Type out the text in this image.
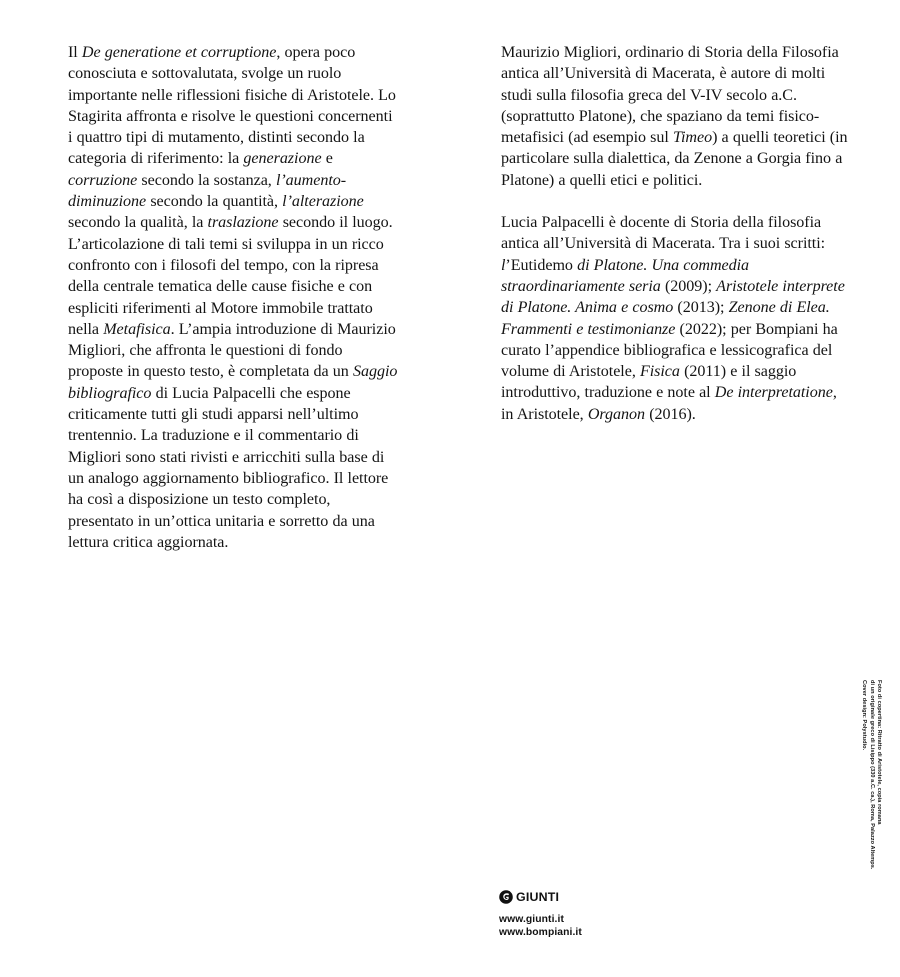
Il De generatione et corruptione, opera poco conosciuta e sottovalutata, svolge un ruolo importante nelle riflessioni fisiche di Aristotele. Lo Stagirita affronta e risolve le questioni concernenti i quattro tipi di mutamento, distinti secondo la categoria di riferimento: la generazione e corruzione secondo la sostanza, l’aumento-diminuzione secondo la quantità, l’alterazione secondo la qualità, la traslazione secondo il luogo. L’articolazione di tali temi si sviluppa in un ricco confronto con i filosofi del tempo, con la ripresa della centrale tematica delle cause fisiche e con espliciti riferimenti al Motore immobile trattato nella Metafisica. L’ampia introduzione di Maurizio Migliori, che affronta le questioni di fondo proposte in questo testo, è completata da un Saggio bibliografico di Lucia Palpacelli che espone criticamente tutti gli studi apparsi nell’ultimo trentennio. La traduzione e il commentario di Migliori sono stati rivisti e arricchiti sulla base di un analogo aggiornamento bibliografico. Il lettore ha così a disposizione un testo completo, presentato in un’ottica unitaria e sorretto da una lettura critica aggiornata.

Maurizio Migliori, ordinario di Storia della Filosofia antica all’Università di Macerata, è autore di molti studi sulla filosofia greca del V-IV secolo a.C. (soprattutto Platone), che spaziano da temi fisico-metafisici (ad esempio sul Timeo) a quelli teoretici (in particolare sulla dialettica, da Zenone a Gorgia fino a Platone) a quelli etici e politici.

Lucia Palpacelli è docente di Storia della filosofia antica all’Università di Macerata. Tra i suoi scritti: l’Eutidemo di Platone. Una commedia straordinariamente seria (2009); Aristotele interprete di Platone. Anima e cosmo (2013); Zenone di Elea. Frammenti e testimonianze (2022); per Bompiani ha curato l’appendice bibliografica e lessicografica del volume di Aristotele, Fisica (2011) e il saggio introduttivo, traduzione e note al De interpretatione, in Aristotele, Organon (2016).

GIUNTI
www.giunti.it
www.bompiani.it
Foto di copertina: Ritratto di Aristotele, copia romana
di un originale greco di Lisippo (330 a.C. ca.), Roma, Palazzo Altemps.
Cover design: Polystudio.
